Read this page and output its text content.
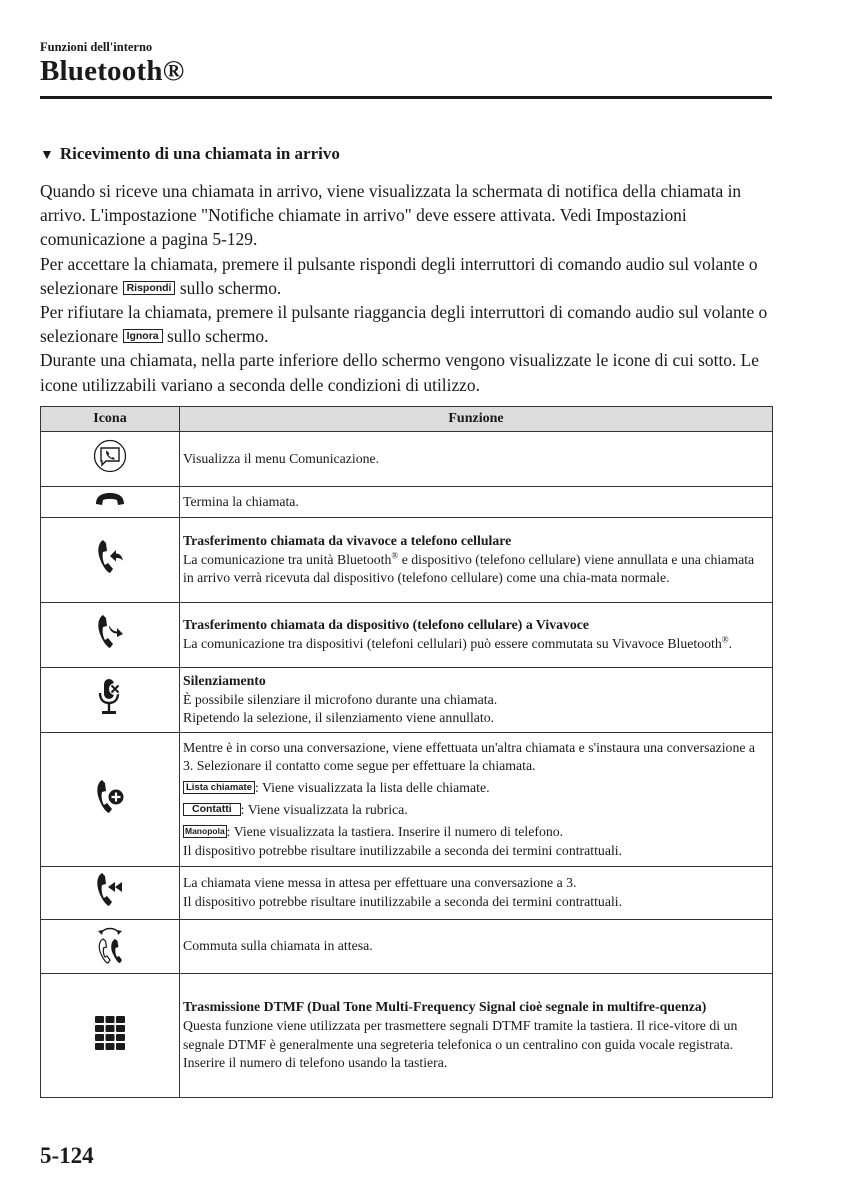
Funzioni dell'interno
Bluetooth®
▼ Ricevimento di una chiamata in arrivo

Quando si riceve una chiamata in arrivo, viene visualizzata la schermata di notifica della chiamata in arrivo. L'impostazione "Notifiche chiamate in arrivo" deve essere attivata. Vedi Impostazioni comunicazione a pagina 5-129.

Per accettare la chiamata, premere il pulsante rispondi degli interruttori di comando audio sul volante o selezionare Rispondi sullo schermo.

Per rifiutare la chiamata, premere il pulsante riaggancia degli interruttori di comando audio sul volante o selezionare Ignora sullo schermo.

Durante una chiamata, nella parte inferiore dello schermo vengono visualizzate le icone di cui sotto. Le icone utilizzabili variano a seconda delle condizioni di utilizzo.

Icona	Funzione
	Visualizza il menu Comunicazione.
	Termina la chiamata.

Trasferimento chiamata da vivavoce a telefono cellulare
La comunicazione tra unità Bluetooth® e dispositivo (telefono cellulare) viene annullata e una chiamata in arrivo verrà ricevuta dal dispositivo (telefono cellulare) come una chia-mata normale.

Trasferimento chiamata da dispositivo (telefono cellulare) a Vivavoce
La comunicazione tra dispositivi (telefoni cellulari) può essere commutata su Vivavoce Bluetooth®.

Silenziamento
È possibile silenziare il microfono durante una chiamata.
Ripetendo la selezione, il silenziamento viene annullato.

Mentre è in corso una conversazione, viene effettuata un'altra chiamata e s'instaura una conversazione a 3. Selezionare il contatto come segue per effettuare la chiamata.
Lista chiamate : Viene visualizzata la lista delle chiamate.
Contatti : Viene visualizzata la rubrica.
Manopola : Viene visualizzata la tastiera. Inserire il numero di telefono.
Il dispositivo potrebbe risultare inutilizzabile a seconda dei termini contrattuali.

La chiamata viene messa in attesa per effettuare una conversazione a 3.
Il dispositivo potrebbe risultare inutilizzabile a seconda dei termini contrattuali.

	Commuta sulla chiamata in attesa.

Trasmissione DTMF (Dual Tone Multi-Frequency Signal cioè segnale in multifre-quenza)
Questa funzione viene utilizzata per trasmettere segnali DTMF tramite la tastiera. Il rice-vitore di un segnale DTMF è generalmente una segreteria telefonica o un centralino con guida vocale registrata.
Inserire il numero di telefono usando la tastiera.
5-124
